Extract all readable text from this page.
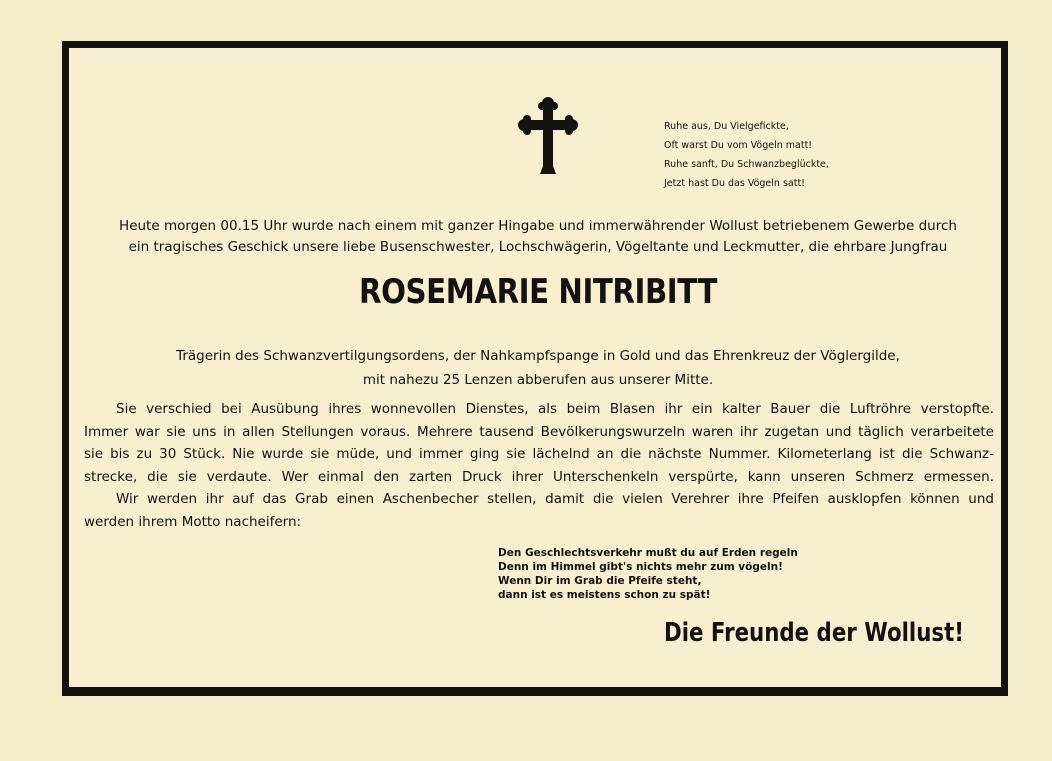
Ruhe aus, Du Vielgefickte,
Oft warst Du vom Vögeln matt!
Ruhe sanft, Du Schwanzbeglückte,
Jetzt hast Du das Vögeln satt!
Heute morgen 00.15 Uhr wurde nach einem mit ganzer Hingabe und immerwährender Wollust betriebenem Gewerbe durch
ein tragisches Geschick unsere liebe Busenschwester, Lochschwägerin, Vögeltante und Leckmutter, die ehrbare Jungfrau
ROSEMARIE NITRIBITT
Trägerin des Schwanzvertilgungsordens, der Nahkampfspange in Gold und das Ehrenkreuz der Vöglergilde,
mit nahezu 25 Lenzen abberufen aus unserer Mitte.
Sie verschied bei Ausübung ihres wonnevollen Dienstes, als beim Blasen ihr ein kalter Bauer die Luftröhre verstopfte.
Immer war sie uns in allen Stellungen voraus. Mehrere tausend Bevölkerungswurzeln waren ihr zugetan und täglich verarbeitete
sie bis zu 30 Stück. Nie wurde sie müde, und immer ging sie lächelnd an die nächste Nummer. Kilometerlang ist die Schwanz-
strecke, die sie verdaute. Wer einmal den zarten Druck ihrer Unterschenkeln verspürte, kann unseren Schmerz ermessen.
Wir werden ihr auf das Grab einen Aschenbecher stellen, damit die vielen Verehrer ihre Pfeifen ausklopfen können und
werden ihrem Motto nacheifern:
Den Geschlechtsverkehr mußt du auf Erden regeln
Denn im Himmel gibt's nichts mehr zum vögeln!
Wenn Dir im Grab die Pfeife steht,
dann ist es meistens schon zu spät!
Die Freunde der Wollust!
